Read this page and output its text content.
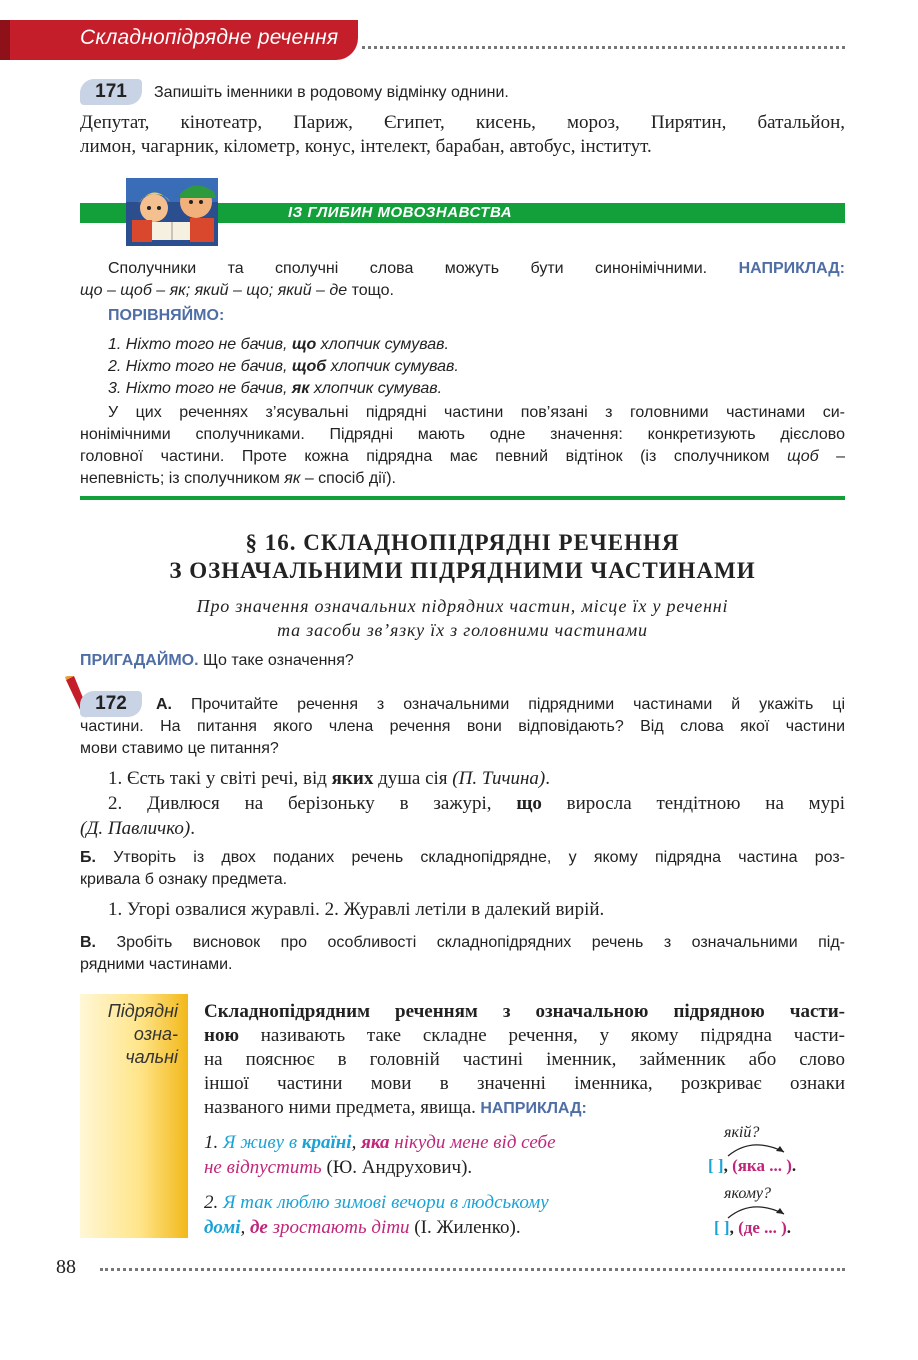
Складнопідрядне речення
171	Запишіть іменники в родовому відмінку однини.
Депутат, кінотеатр, Париж, Єгипет, кисень, мороз, Пирятин, батальйон,
лимон, чагарник, кілометр, конус, інтелект, барабан, автобус, інститут.
ІЗ ГЛИБИН МОВОЗНАВСТВА
Сполучники та сполучні слова можуть бути синонімічними. НАПРИКЛАД:
що – щоб – як; який – що; який – де тощо.
ПОРІВНЯЙМО:
1. Ніхто того не бачив, що хлопчик сумував.
2. Ніхто того не бачив, щоб хлопчик сумував.
3. Ніхто того не бачив, як хлопчик сумував.
У цих реченнях з’ясувальні підрядні частини пов’язані з головними частинами си-
нонімічними сполучниками. Підрядні мають одне значення: конкретизують дієслово
головної частини. Проте кожна підрядна має певний відтінок (із сполучником щоб –
непевність; із сполучником як – спосіб дії).
§ 16. СКЛАДНОПІДРЯДНІ РЕЧЕННЯ
З ОЗНАЧАЛЬНИМИ ПІДРЯДНИМИ ЧАСТИНАМИ
Про значення означальних підрядних частин, місце їх у реченні
та засоби зв’язку їх з головними частинами
ПРИГАДАЙМО. Що таке означення?
172	А. Прочитайте речення з означальними підрядними частинами й укажіть ці
частини. На питання якого члена речення вони відповідають? Від слова якої частини
мови ставимо це питання?
1. Єсть такі у світі речі, від яких душа сія (П. Тичина).
2. Дивлюся на берізоньку в зажурі, що виросла тендітною на мурі
(Д. Павличко).
Б. Утворіть із двох поданих речень складнопідрядне, у якому підрядна частина роз-
кривала б ознаку предмета.
1. Угорі озвалися журавлі. 2. Журавлі летіли в далекий вирій.
В. Зробіть висновок про особливості складнопідрядних речень з означальними під-
рядними частинами.
Підрядні
озна-
чальні
Складнопідрядним реченням з означальною підрядною части-
ною називають таке складне речення, у якому підрядна части-
на пояснює в головній частині іменник, займенник або слово
іншої частини мови в значенні іменника, розкриває ознаки
названого ними предмета, явища. НАПРИКЛАД:
1. Я живу в країні, яка нікуди мене від себе
не відпустить (Ю. Андрухович).
2. Я так люблю зимові вечори в людському
домі, де зростають діти (І. Жиленко).
якій?
[ ], (яка ... ).
якому?
[ ], (де ... ).
88
